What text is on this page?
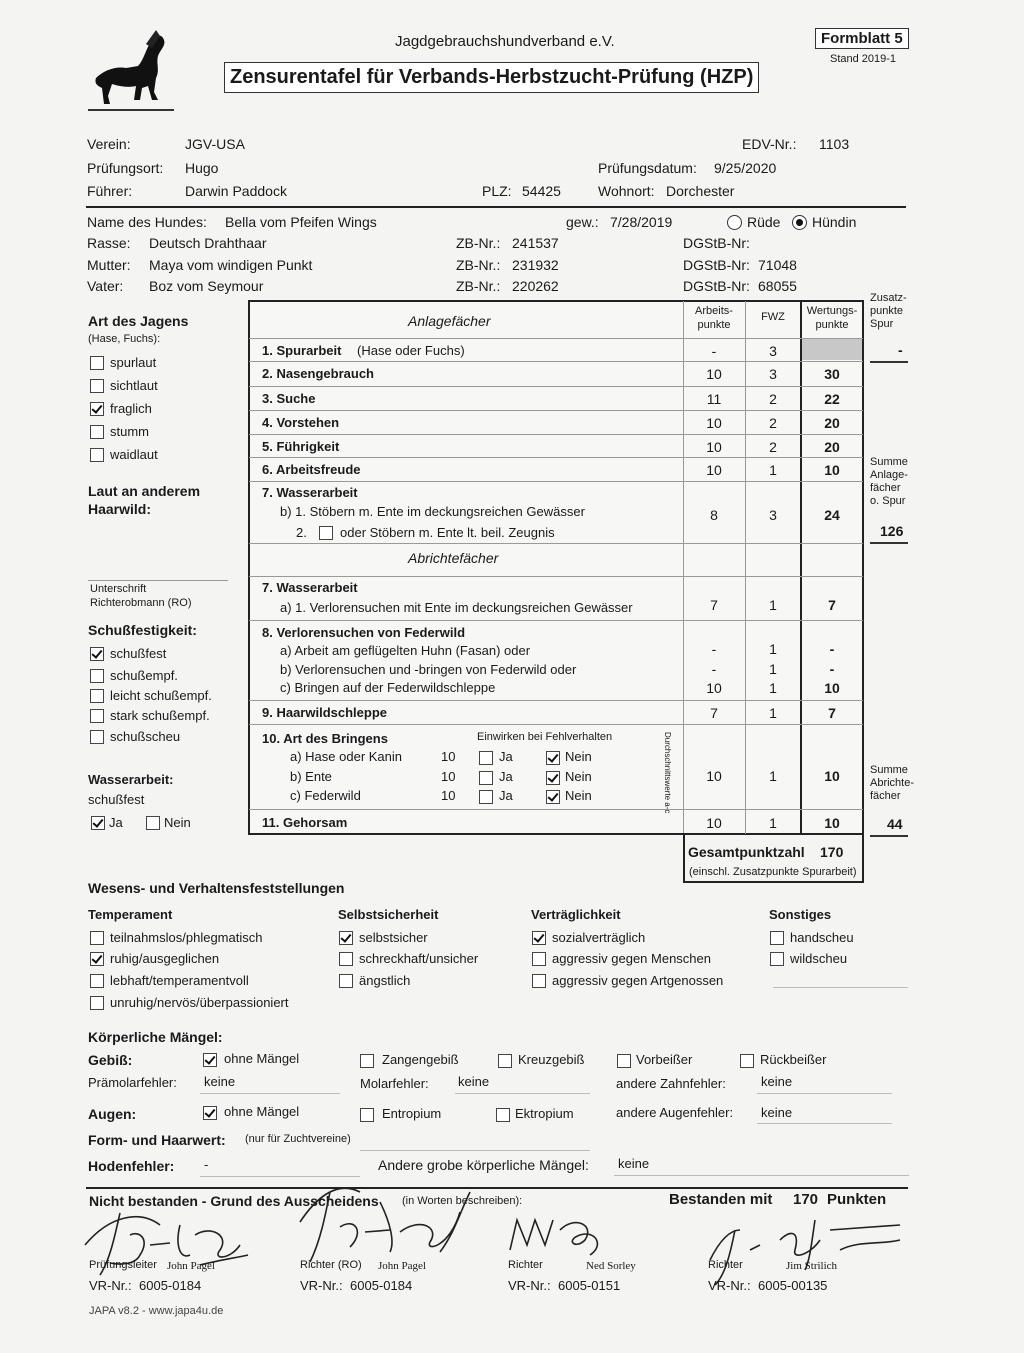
Jagdgebrauchshundverband e.V.	Formblatt 5
Stand 2019-1
Zensurentafel für Verbands-Herbstzucht-Prüfung (HZP)
Verein:	JGV-USA	EDV-Nr.: 1103
Prüfungsort: Hugo	Prüfungsdatum: 9/25/2020
Führer:	Darwin Paddock	PLZ: 54425	Wohnort: Dorchester
Name des Hundes: Bella vom Pfeifen Wings	gew.: 7/28/2019	Rüde Hündin
Rasse: Deutsch Drahthaar	ZB-Nr.: 241537	DGStB-Nr:
Mutter: Maya vom windigen Punkt	ZB-Nr.: 231932	DGStB-Nr: 71048
Vater: Boz vom Seymour	ZB-Nr.: 220262	DGStB-Nr: 68055
Art des Jagens
(Hase, Fuchs):
Laut an anderem
Haarwild:
Unterschrift
Richterobmann (RO)
Schußfestigkeit:
Wasserarbeit:
schußfest
Ja	Nein
Anlagefächer
Arbeits-
punkte
FWZ	Wertungs-
punkte
7. Wasserarbeit
b) 1. Stöbern m. Ente im deckungsreichen Gewässer
2.	oder Stöbern m. Ente lt. beil. Zeugnis
8	3	24
Abrichtefächer
7. Wasserarbeit
a) 1. Verlorensuchen mit Ente im deckungsreichen Gewässer	7	1	7
8. Verlorensuchen von Federwild
a) Arbeit am geflügelten Huhn (Fasan) oder	-	1	-
b) Verlorensuchen und -bringen von Federwild oder	-	1	-
c) Bringen auf der Federwildschleppe	10	1	10
9. Haarwildschleppe	7	1	7
10. Art des Bringens	Einwirken bei Fehlverhalten	Durchschnittswerte a-c	10	1	10
11. Gehorsam	10	1	10
Gesamtpunktzahl 170
(einschl. Zusatzpunkte Spurarbeit)
Zusatz-
punkte
Spur
-
Summe
Anlage-
fächer
o. Spur
126
Summe
Abrichte-
fächer
44
Wesens- und Verhaltensfeststellungen
Temperament	Selbstsicherheit	Verträglichkeit	Sonstiges
Körperliche Mängel:
Gebiß:	ohne Mängel	Zangengebiß	Kreuzgebiß	Vorbeißer	Rückbeißer
Prämolarfehler: keine	Molarfehler: keine	andere Zahnfehler:	keine
Augen:	ohne Mängel	Entropium	Ektropium	andere Augenfehler: keine
Form- und Haarwert: (nur für Zuchtvereine)
Hodenfehler: -	Andere grobe körperliche Mängel: keine
Nicht bestanden - Grund des Ausscheidens (in Worten beschreiben):	Bestanden mit 170 Punkten
JAPA v8.2 - www.japa4u.de
spurlaut
sichtlaut
fraglich
stumm
waidlaut
schußfest
schußempf.
leicht schußempf.
stark schußempf.
schußscheu
1. Spurarbeit (Hase oder Fuchs)	-	3
2. Nasengebrauch	10	3	30
3. Suche	11	2	22
4. Vorstehen	10	2	20
5. Führigkeit	10	2	20
6. Arbeitsfreude	10	1	10
a) Hase oder Kanin	10	Ja	Nein
b) Ente	10	Ja	Nein
c) Federwild	10	Ja	Nein
teilnahmslos/phlegmatisch
ruhig/ausgeglichen
lebhaft/temperamentvoll
unruhig/nervös/überpassioniert
selbstsicher
schreckhaft/unsicher
ängstlich
sozialverträglich
aggressiv gegen Menschen
aggressiv gegen Artgenossen
handscheu
wildscheu
Prüfungsleiter John Pagel
VR-Nr.: 6005-0184
Richter (RO) John Pagel
VR-Nr.: 6005-0184
Richter	Ned Sorley
VR-Nr.: 6005-0151
Richter	Jim Strilich
VR-Nr.: 6005-00135
